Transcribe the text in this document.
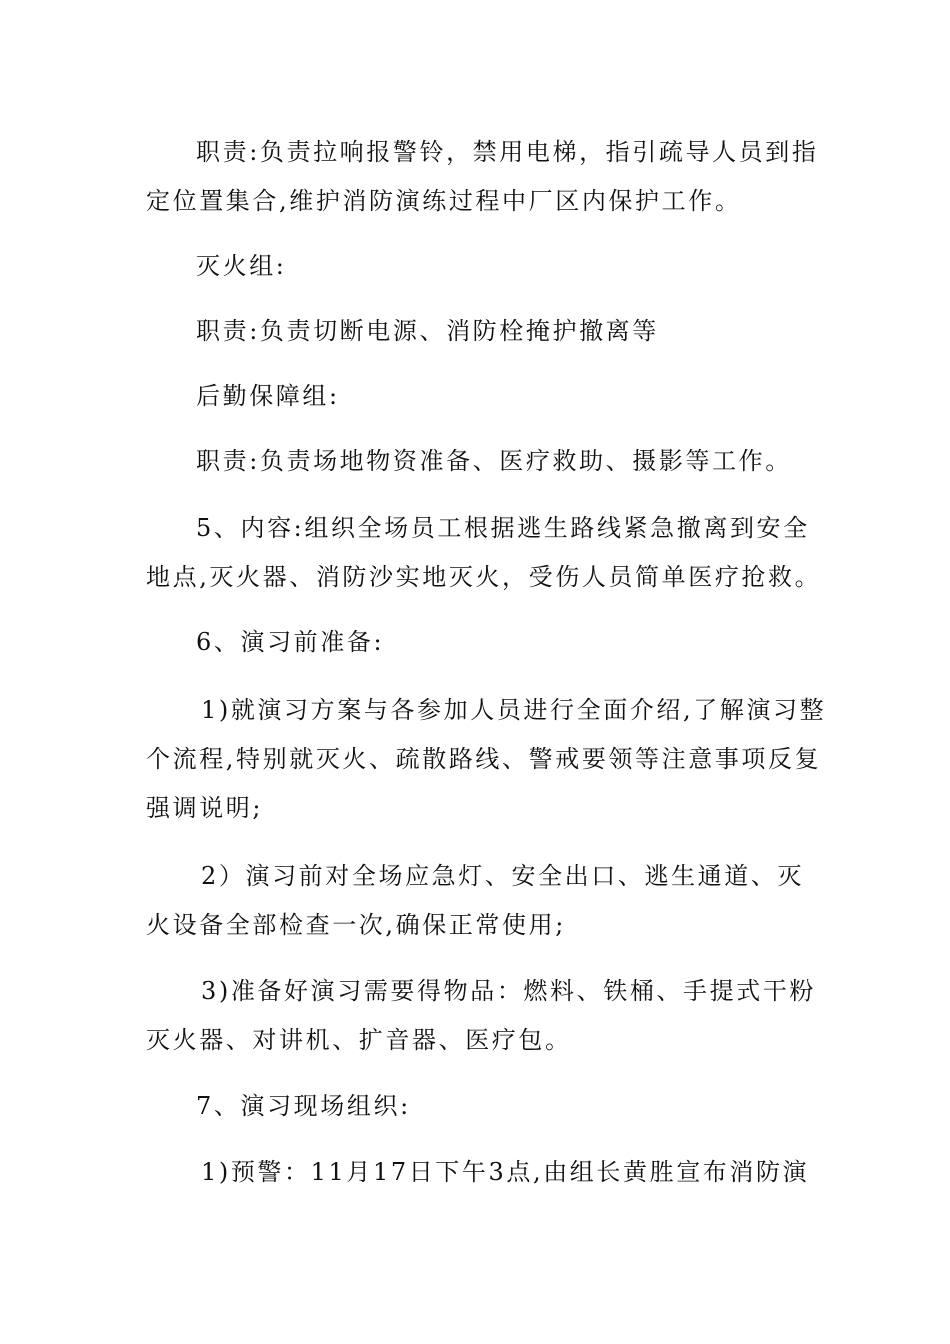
职责:负责拉响报警铃，禁用电梯，指引疏导人员到指
定位置集合,维护消防演练过程中厂区内保护工作。
灭火组:
职责:负责切断电源、消防栓掩护撤离等
后勤保障组:
职责:负责场地物资准备、医疗救助、摄影等工作。
5、内容:组织全场员工根据逃生路线紧急撤离到安全
地点,灭火器、消防沙实地灭火，受伤人员简单医疗抢救。
6、演习前准备:
1)就演习方案与各参加人员进行全面介绍,了解演习整
个流程,特别就灭火、疏散路线、警戒要领等注意事项反复
强调说明;
2）演习前对全场应急灯、安全出口、逃生通道、灭
火设备全部检查一次,确保正常使用;
3)准备好演习需要得物品：燃料、铁桶、手提式干粉
灭火器、对讲机、扩音器、医疗包。
7、演习现场组织:
1)预警：11月17日下午3点,由组长黄胜宣布消防演
